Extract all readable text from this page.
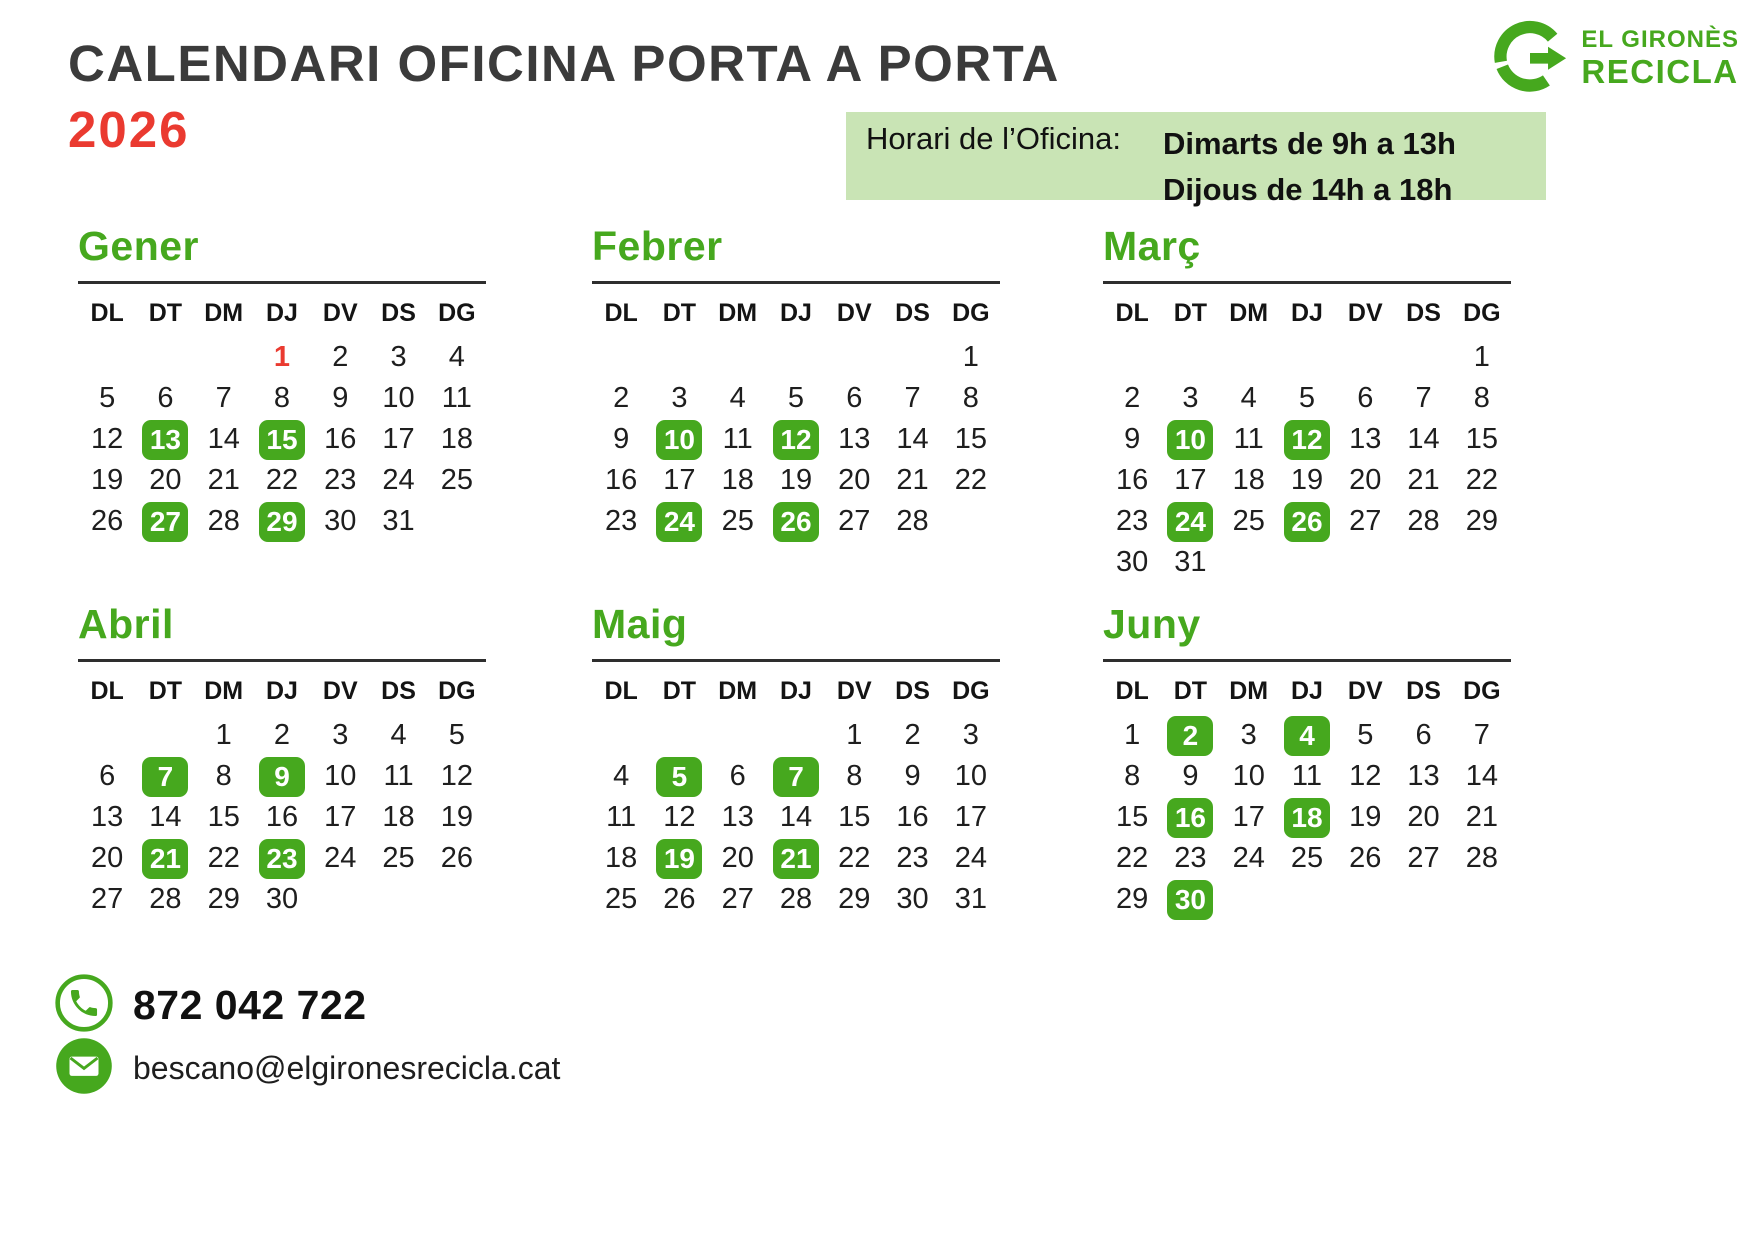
CALENDARI OFICINA PORTA A PORTA
2026
EL GIRONÈS
RECICLA
Horari de l’Oficina: Dimarts de 9h a 13h
Dijous de 14h a 18h
Gener
DL	DT	DM	DJ	DV	DS	DG
			1	2	3	4
5	6	7	8	9	10	11
12	13	14	15	16	17	18
19	20	21	22	23	24	25
26	27	28	29	30	31	
Febrer
DL	DT	DM	DJ	DV	DS	DG
						1
2	3	4	5	6	7	8
9	10	11	12	13	14	15
16	17	18	19	20	21	22
23	24	25	26	27	28	
Març
DL	DT	DM	DJ	DV	DS	DG
						1
2	3	4	5	6	7	8
9	10	11	12	13	14	15
16	17	18	19	20	21	22
23	24	25	26	27	28	29
30	31					
Abril
DL	DT	DM	DJ	DV	DS	DG
		1	2	3	4	5
6	7	8	9	10	11	12
13	14	15	16	17	18	19
20	21	22	23	24	25	26
27	28	29	30			
Maig
DL	DT	DM	DJ	DV	DS	DG
				1	2	3
4	5	6	7	8	9	10
11	12	13	14	15	16	17
18	19	20	21	22	23	24
25	26	27	28	29	30	31
Juny
DL	DT	DM	DJ	DV	DS	DG
1	2	3	4	5	6	7
8	9	10	11	12	13	14
15	16	17	18	19	20	21
22	23	24	25	26	27	28
29	30					
872 042 722
bescano@elgironesrecicla.cat
